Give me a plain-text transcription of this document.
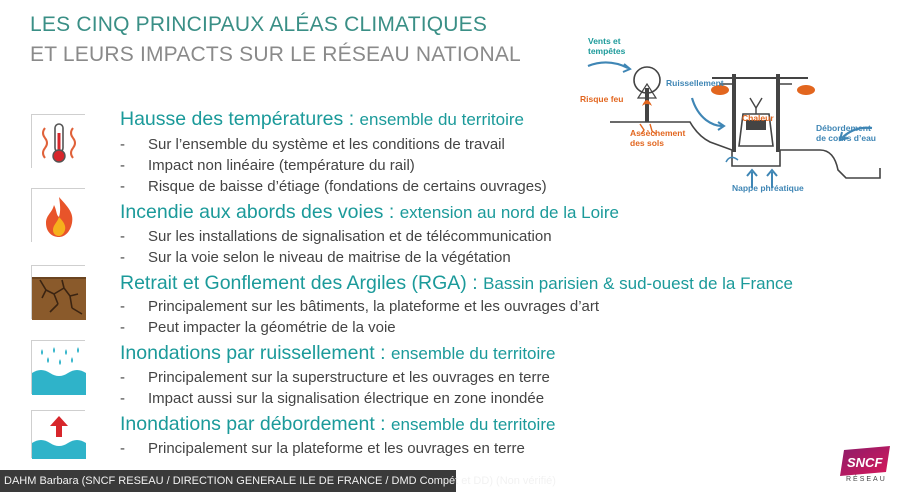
LES CINQ PRINCIPAUX ALÉAS CLIMATIQUES
ET LEURS IMPACTS SUR LE RÉSEAU NATIONAL
Hausse des températures : ensemble du territoire
- Sur l’ensemble du système et les conditions de travail
- Impact non linéaire (température du rail)
- Risque de baisse d’étiage (fondations de certains ouvrages)
Incendie aux abords des voies : extension au nord de la Loire
- Sur les installations de signalisation et de télécommunication
- Sur la voie selon le niveau de maitrise de la végétation
Retrait et Gonflement des Argiles (RGA) : Bassin parisien & sud-ouest de la France
- Principalement sur les bâtiments, la plateforme et les ouvrages d’art
- Peut impacter la géométrie de la voie
Inondations par ruissellement : ensemble du territoire
- Principalement sur la superstructure et les ouvrages en terre
- Impact aussi sur la signalisation électrique en zone inondée
Inondations par débordement : ensemble du territoire
- Principalement sur la plateforme et les ouvrages en terre
Vents et
tempêtes
Risque feu
Ruissellement
Assèchement
des sols
Chaleur
Débordement
de cours d’eau
Nappe phréatique
SNCF
RÉSEAU
DAHM Barbara (SNCF RESEAU / DIRECTION GENERALE ILE DE FRANCE / DMD Compét et DD) (Non vérifié)
